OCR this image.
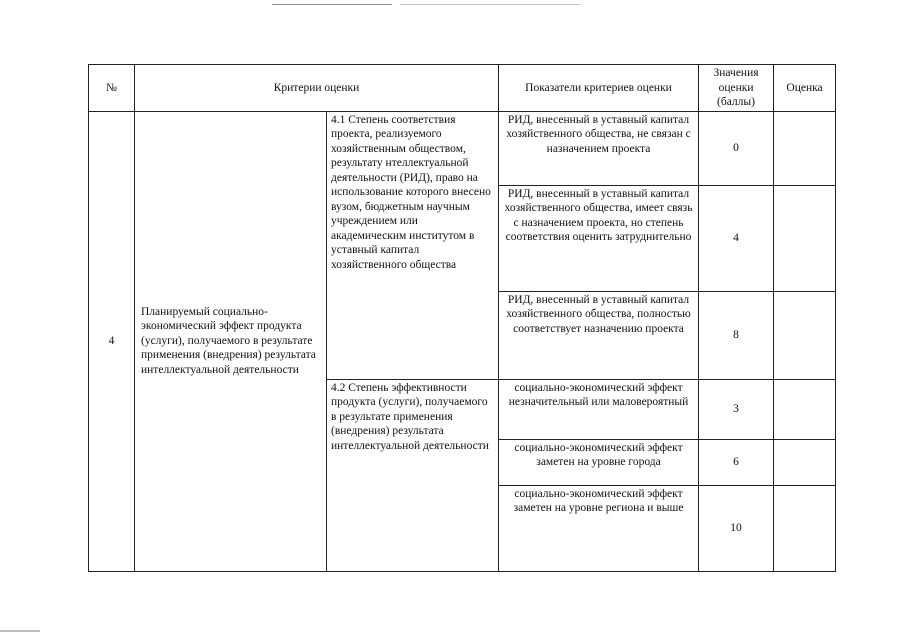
№	Критерии оценки		Показатели критериев оценки	Значения оценки (баллы)	Оценка
4	Планируемый социально-экономический эффект продукта (услуги), получаемого в результате применения (внедрения) результата интеллектуальной деятельности	4.1 Степень соответствия проекта, реализуемого хозяйственным обществом, результату нтеллектуальной деятельности (РИД), право на использование которого внесено вузом, бюджетным научным учреждением или академическим институтом в уставный капитал хозяйственного общества	РИД, внесенный в уставный капитал хозяйственного общества, не связан с назначением проекта	0	
			РИД, внесенный в уставный капитал хозяйственного общества, имеет связь с назначением проекта, но степень соответствия оценить затруднительно	4	
			РИД, внесенный в уставный капитал хозяйственного общества, полностью соответствует назначению проекта	8	
		4.2 Степень эффективности продукта (услуги), получаемого в результате применения (внедрения) результата интеллектуальной деятельности	социально-экономический эффект незначительный или маловероятный	3	
			социально-экономический эффект заметен на уровне города	6	
			социально-экономический эффект заметен на уровне региона и выше	10	
